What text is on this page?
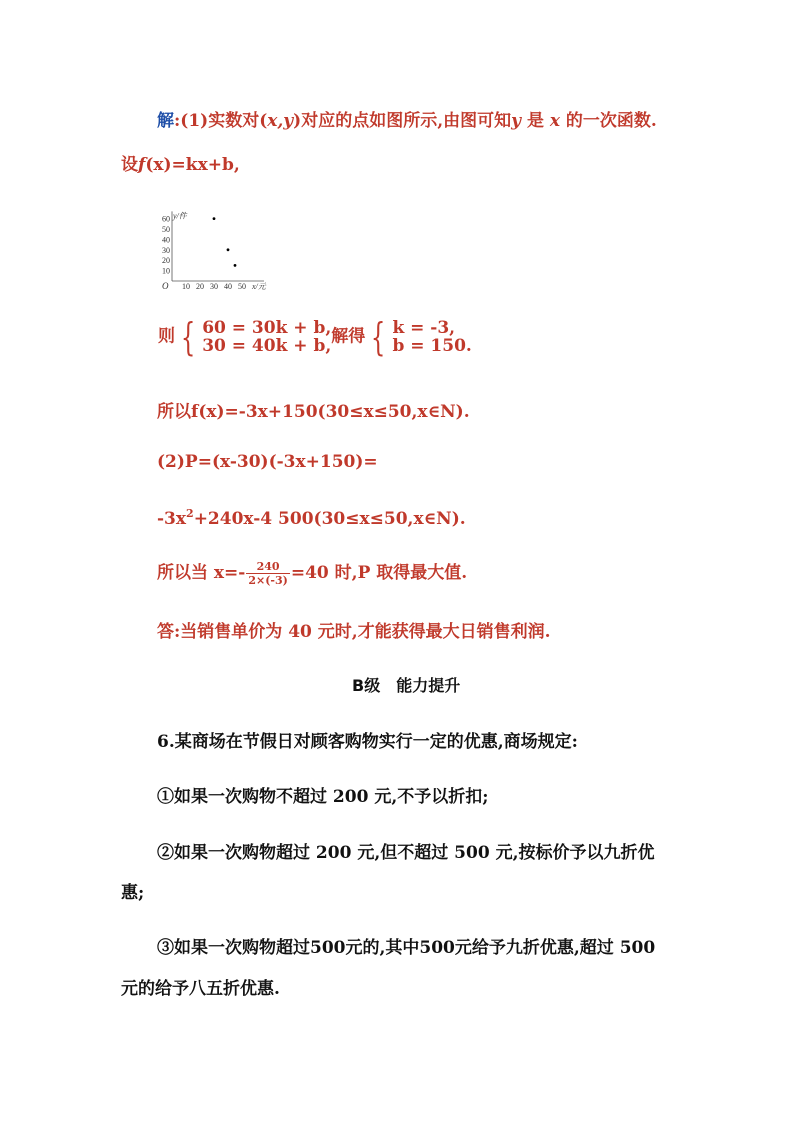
解:(1)实数对(x,y)对应的点如图所示,由图可知y 是 x 的一次函数.
设f(x)=kx+b,
O 10 20 30 40 50
10
20
30
40
50
60
x/元
y/件
则 { 60 = 30k + b,
30 = 40k + b, 解得 { k = -3,
b = 150.
所以f(x)=-3x+150(30≤x≤50,x∈N).
(2)P=(x-30)(-3x+150)=
$-3x^2+240x-4$ 500(30≤x≤50,x∈N).
所以当 $x=- \frac{240}{2\times(-3)} =40$ 时,P 取得最大值.
答:当销售单价为 40 元时,才能获得最大日销售利润.
B级　能力提升
6.某商场在节假日对顾客购物实行一定的优惠,商场规定:
①如果一次购物不超过 200 元,不予以折扣;
②如果一次购物超过 200 元,但不超过 500 元,按标价予以九折优
惠;
③如果一次购物超过500元的,其中500元给予九折优惠,超过 500
元的给予八五折优惠.
